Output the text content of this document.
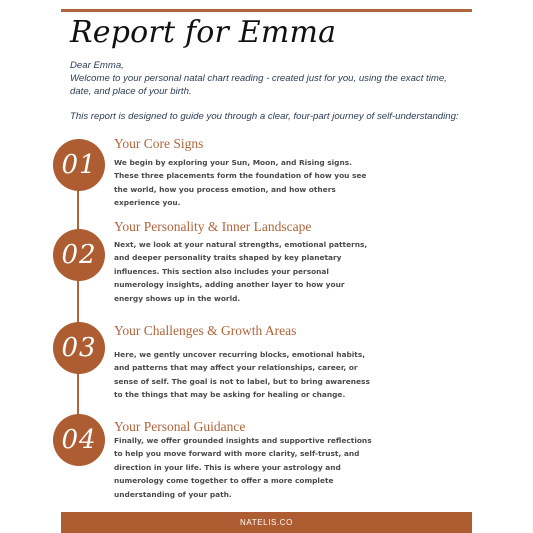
Report for Emma

Dear Emma,

Welcome to your personal natal chart reading - created just for you, using the exact time, date, and place of your birth.

This report is designed to guide you through a clear, four-part journey of self-understanding:

01
Your Core Signs

We begin by exploring your Sun, Moon, and Rising signs. These three placements form the foundation of how you see the world, how you process emotion, and how others experience you.

02
Your Personality & Inner Landscape

Next, we look at your natural strengths, emotional patterns, and deeper personality traits shaped by key planetary influences. This section also includes your personal numerology insights, adding another layer to how your energy shows up in the world.

03
Your Challenges & Growth Areas

Here, we gently uncover recurring blocks, emotional habits, and patterns that may affect your relationships, career, or sense of self. The goal is not to label, but to bring awareness to the things that may be asking for healing or change.

04 Your Personal Guidance

Finally, we offer grounded insights and supportive reflections to help you move forward with more clarity, self-trust, and direction in your life. This is where your astrology and numerology come together to offer a more complete understanding of your path.

NATELIS.CO
